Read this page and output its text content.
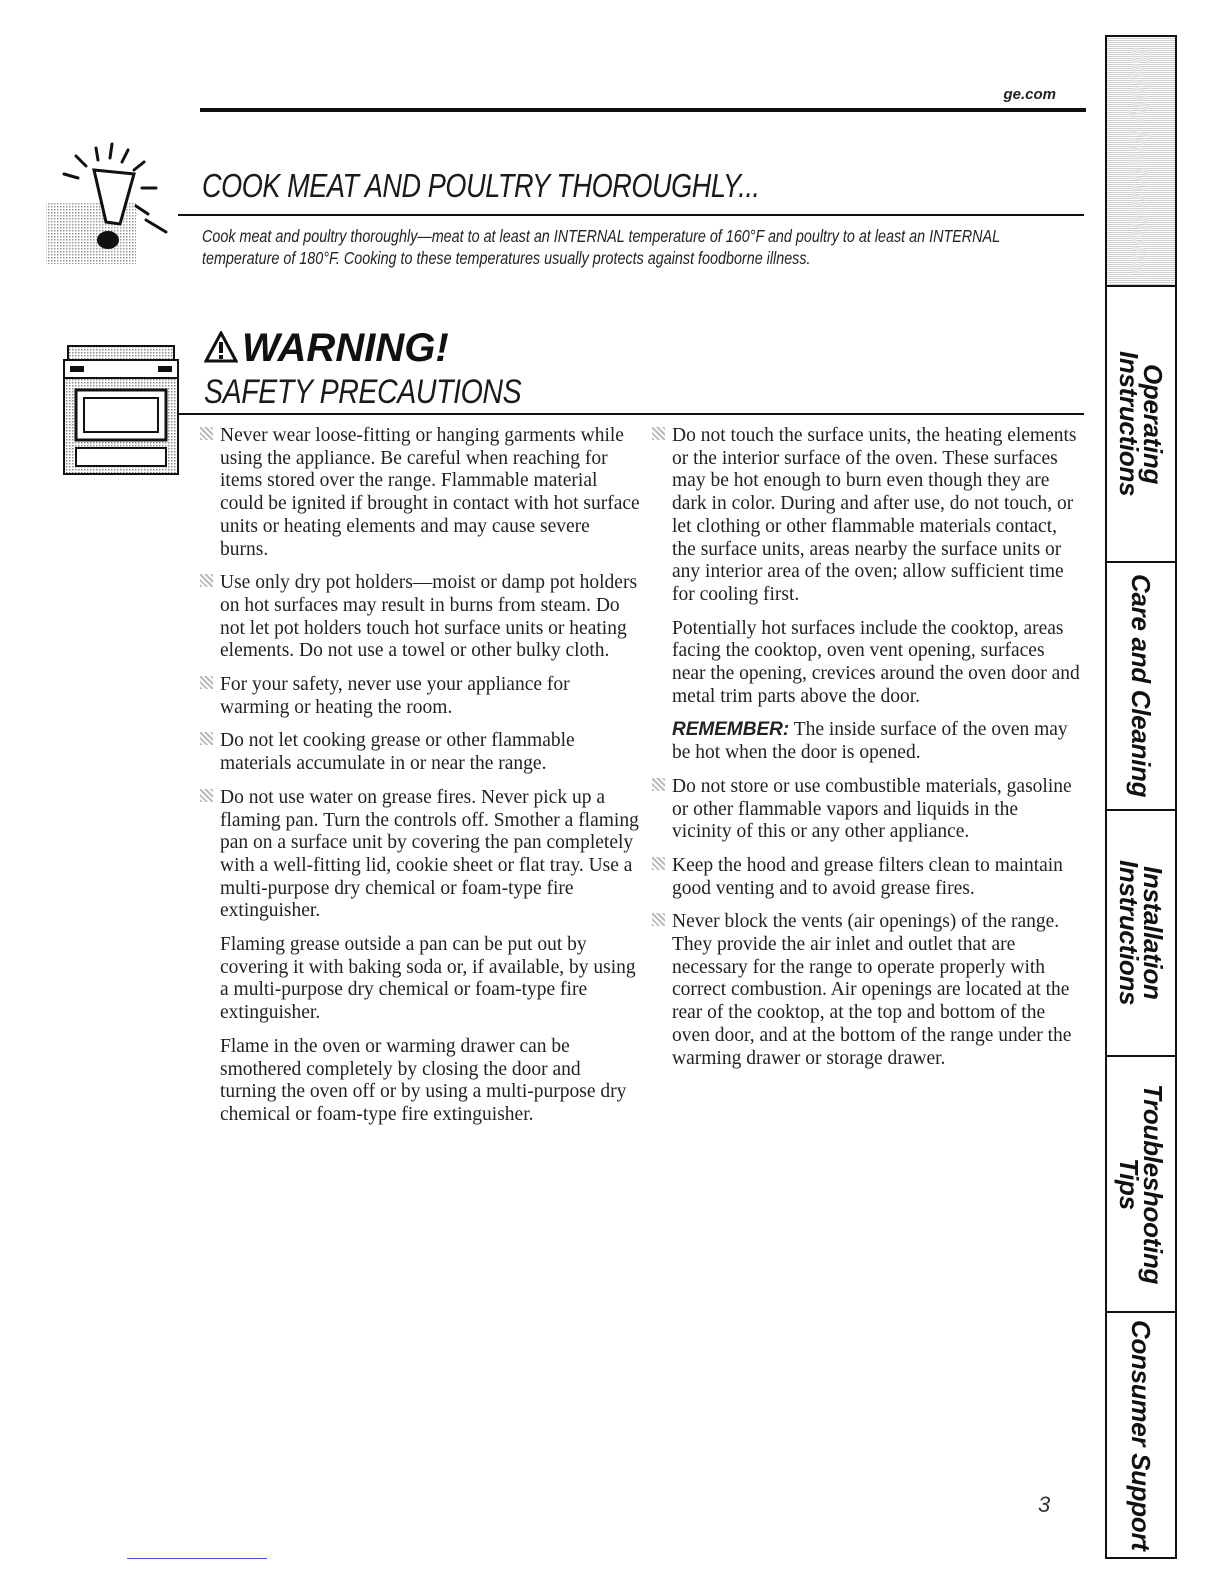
ge.com
COOK MEAT AND POULTRY THOROUGHLY...
Cook meat and poultry thoroughly—meat to at least an INTERNAL temperature of 160°F and poultry to at least an INTERNAL temperature of 180°F. Cooking to these temperatures usually protects against foodborne illness.
WARNING!
SAFETY PRECAUTIONS

Never wear loose-fitting or hanging garments while using the appliance. Be careful when reaching for items stored over the range. Flammable material could be ignited if brought in contact with hot surface units or heating elements and may cause severe burns.

Use only dry pot holders—moist or damp pot holders on hot surfaces may result in burns from steam. Do not let pot holders touch hot surface units or heating elements. Do not use a towel or other bulky cloth.

For your safety, never use your appliance for warming or heating the room.

Do not let cooking grease or other flammable materials accumulate in or near the range.

Do not use water on grease fires. Never pick up a flaming pan. Turn the controls off. Smother a flaming pan on a surface unit by covering the pan completely with a well-fitting lid, cookie sheet or flat tray. Use a multi-purpose dry chemical or foam-type fire extinguisher.

Flaming grease outside a pan can be put out by covering it with baking soda or, if available, by using a multi-purpose dry chemical or foam-type fire extinguisher.

Flame in the oven or warming drawer can be smothered completely by closing the door and turning the oven off or by using a multi-purpose dry chemical or foam-type fire extinguisher.

Do not touch the surface units, the heating elements or the interior surface of the oven. These surfaces may be hot enough to burn even though they are dark in color. During and after use, do not touch, or let clothing or other flammable materials contact, the surface units, areas nearby the surface units or any interior area of the oven; allow sufficient time for cooling first.

Potentially hot surfaces include the cooktop, areas facing the cooktop, oven vent opening, surfaces near the opening, crevices around the oven door and metal trim parts above the door.

REMEMBER: The inside surface of the oven may be hot when the door is opened.

Do not store or use combustible materials, gasoline or other flammable vapors and liquids in the vicinity of this or any other appliance.

Keep the hood and grease filters clean to maintain good venting and to avoid grease fires.

Never block the vents (air openings) of the range. They provide the air inlet and outlet that are necessary for the range to operate properly with correct combustion. Air openings are located at the rear of the cooktop, at the top and bottom of the oven door, and at the bottom of the range under the warming drawer or storage drawer.

Safety Instructions
Operating
Instructions
Care and Cleaning
Installation
Instructions
Troubleshooting Tips
Consumer Support
3
